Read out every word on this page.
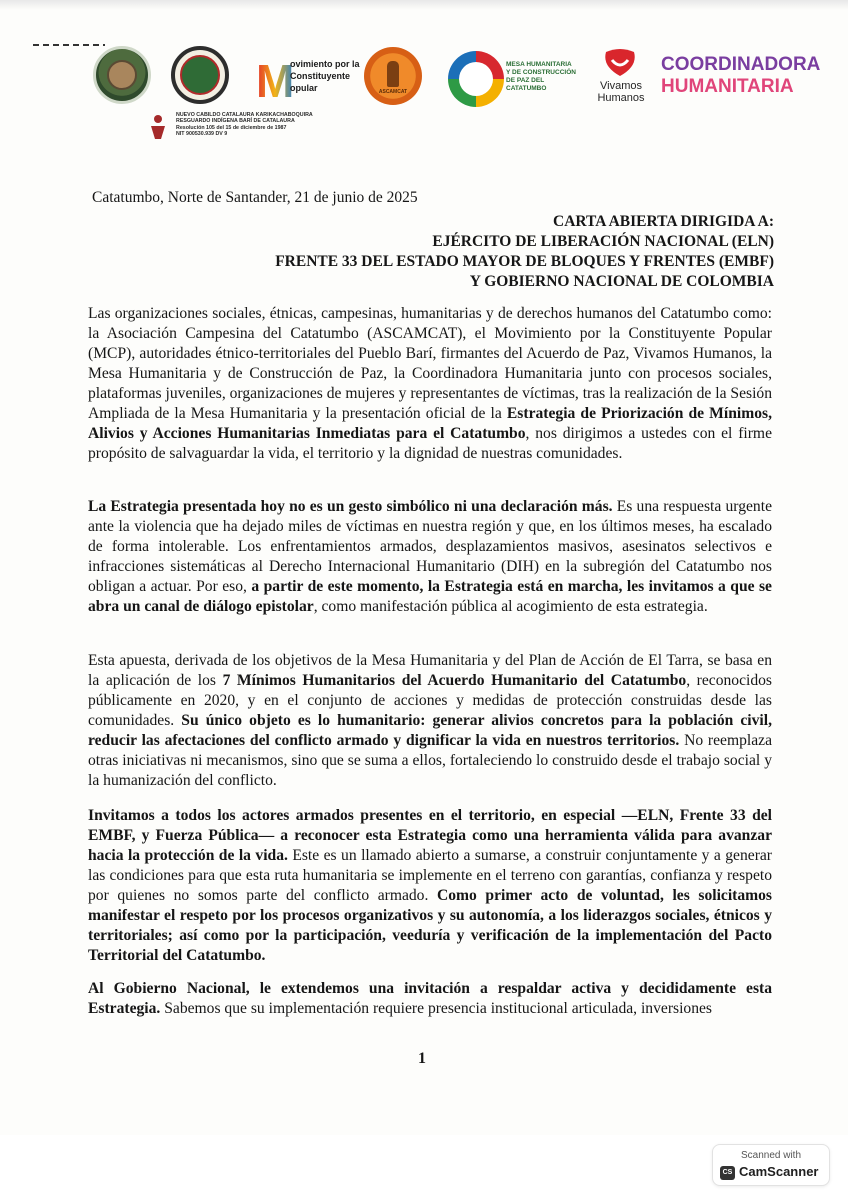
M
ovimiento por la
Constituyente
opular	ASCAMCAT
MESA HUMANITARIA
Y DE CONSTRUCCIÓN
DE PAZ DEL CATATUMBO	Vivamos
Humanos
COORDINADORA
HUMANITARIA
NUEVO CABILDO CATALAURA KARIKACHABOQUIRA
RESGUARDO INDÍGENA BARÍ DE CATALAURA
Resolución 105 del 15 de diciembre de 1987
NIT 900530.939 DV 9
Catatumbo, Norte de Santander, 21 de junio de 2025
CARTA ABIERTA DIRIGIDA A:
EJÉRCITO DE LIBERACIÓN NACIONAL (ELN)
FRENTE 33 DEL ESTADO MAYOR DE BLOQUES Y FRENTES (EMBF)
Y GOBIERNO NACIONAL DE COLOMBIA
Las organizaciones sociales, étnicas, campesinas, humanitarias y de derechos humanos del Catatumbo como: la Asociación Campesina del Catatumbo (ASCAMCAT), el Movimiento por la Constituyente Popular (MCP), autoridades étnico-territoriales del Pueblo Barí, firmantes del Acuerdo de Paz, Vivamos Humanos, la Mesa Humanitaria y de Construcción de Paz, la Coordinadora Humanitaria junto con procesos sociales, plataformas juveniles, organizaciones de mujeres y representantes de víctimas, tras la realización de la Sesión Ampliada de la Mesa Humanitaria y la presentación oficial de la Estrategia de Priorización de Mínimos, Alivios y Acciones Humanitarias Inmediatas para el Catatumbo, nos dirigimos a ustedes con el firme propósito de salvaguardar la vida, el territorio y la dignidad de nuestras comunidades.
La Estrategia presentada hoy no es un gesto simbólico ni una declaración más. Es una respuesta urgente ante la violencia que ha dejado miles de víctimas en nuestra región y que, en los últimos meses, ha escalado de forma intolerable. Los enfrentamientos armados, desplazamientos masivos, asesinatos selectivos e infracciones sistemáticas al Derecho Internacional Humanitario (DIH) en la subregión del Catatumbo nos obligan a actuar. Por eso, a partir de este momento, la Estrategia está en marcha, les invitamos a que se abra un canal de diálogo epistolar, como manifestación pública al acogimiento de esta estrategia.
Esta apuesta, derivada de los objetivos de la Mesa Humanitaria y del Plan de Acción de El Tarra, se basa en la aplicación de los 7 Mínimos Humanitarios del Acuerdo Humanitario del Catatumbo, reconocidos públicamente en 2020, y en el conjunto de acciones y medidas de protección construidas desde las comunidades. Su único objeto es lo humanitario: generar alivios concretos para la población civil, reducir las afectaciones del conflicto armado y dignificar la vida en nuestros territorios. No reemplaza otras iniciativas ni mecanismos, sino que se suma a ellos, fortaleciendo lo construido desde el trabajo social y la humanización del conflicto.
Invitamos a todos los actores armados presentes en el territorio, en especial —ELN, Frente 33 del EMBF, y Fuerza Pública— a reconocer esta Estrategia como una herramienta válida para avanzar hacia la protección de la vida. Este es un llamado abierto a sumarse, a construir conjuntamente y a generar las condiciones para que esta ruta humanitaria se implemente en el terreno con garantías, confianza y respeto por quienes no somos parte del conflicto armado. Como primer acto de voluntad, les solicitamos manifestar el respeto por los procesos organizativos y su autonomía, a los liderazgos sociales, étnicos y territoriales; así como por la participación, veeduría y verificación de la implementación del Pacto Territorial del Catatumbo.
Al Gobierno Nacional, le extendemos una invitación a respaldar activa y decididamente esta Estrategia. Sabemos que su implementación requiere presencia institucional articulada, inversiones
1
Scanned with
CS CamScanner
